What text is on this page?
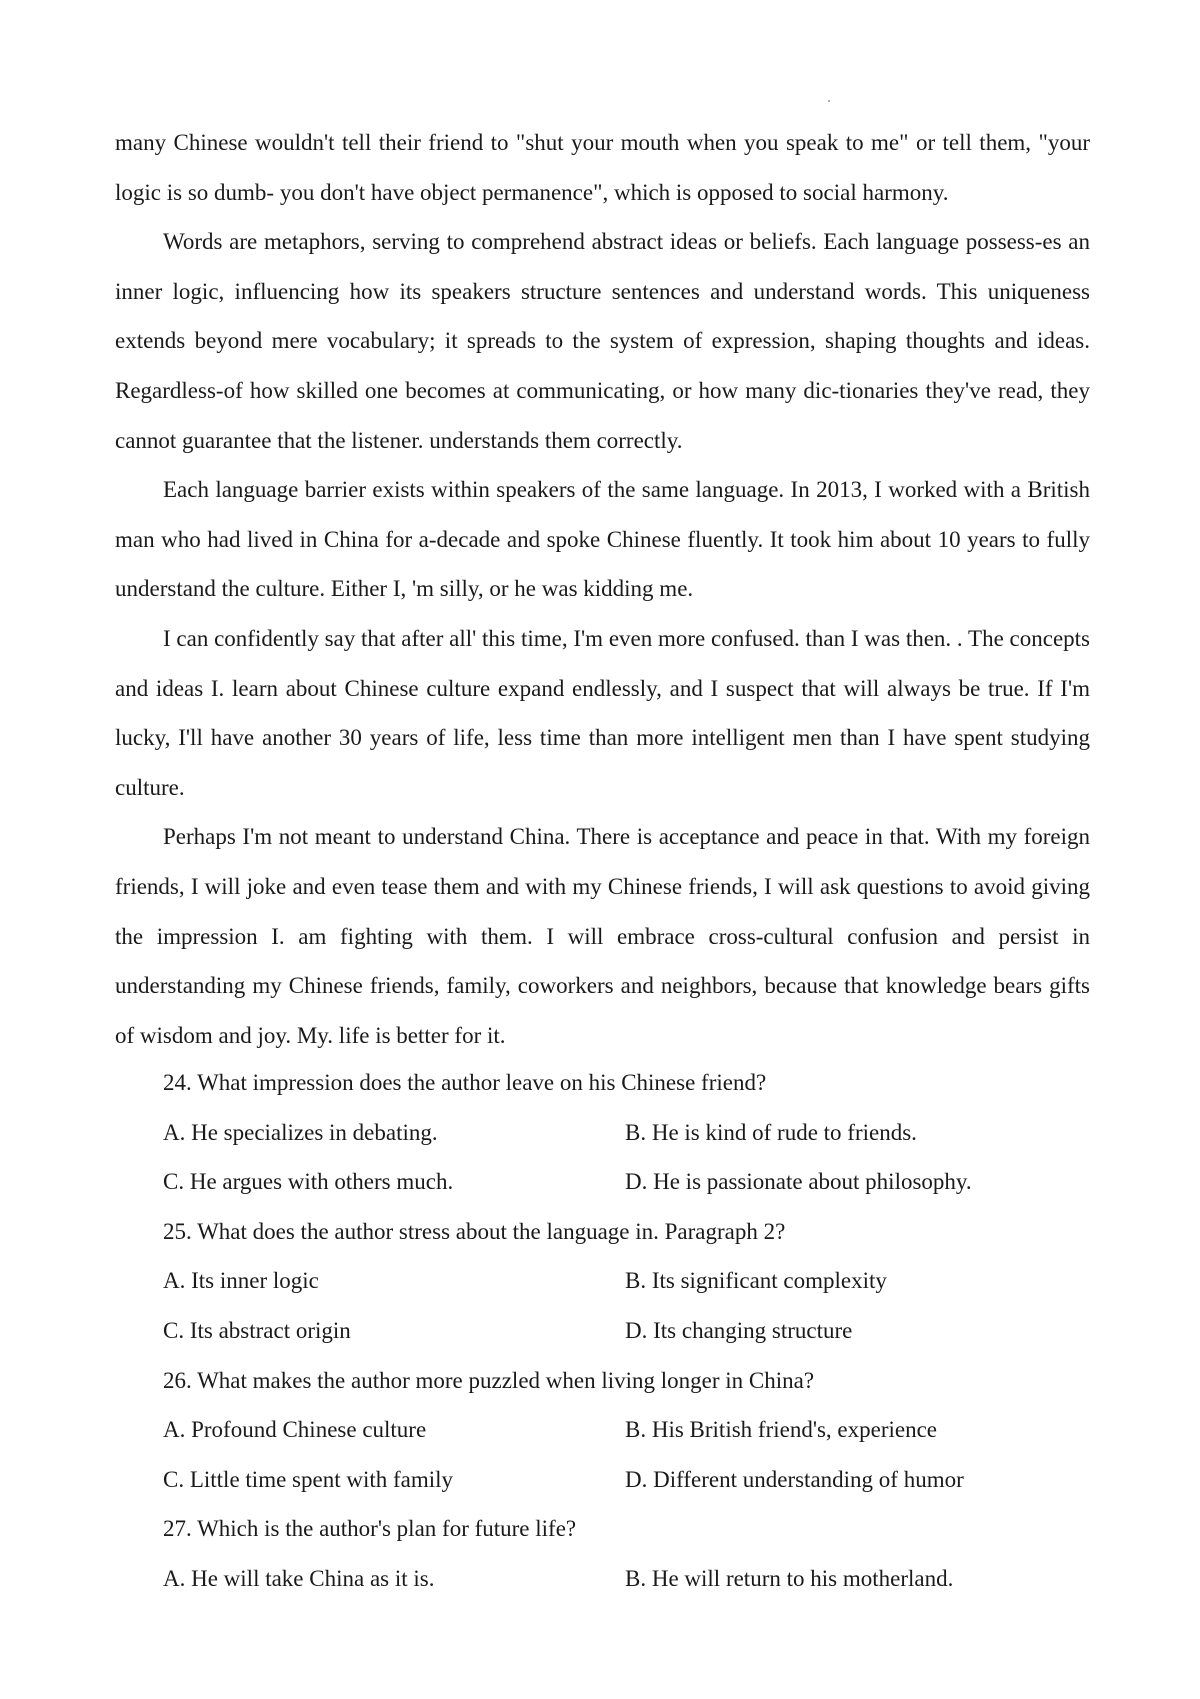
many Chinese wouldn't tell their friend to "shut your mouth when you speak to me" or tell them, "your logic is so dumb- you don't have object permanence", which is opposed to social harmony.

Words are metaphors, serving to comprehend abstract ideas or beliefs. Each language possess-es an inner logic, influencing how its speakers structure sentences and understand words. This uniqueness extends beyond mere vocabulary; it spreads to the system of expression, shaping thoughts and ideas. Regardless-of how skilled one becomes at communicating, or how many dic-tionaries they've read, they cannot guarantee that the listener. understands them correctly.

Each language barrier exists within speakers of the same language. In 2013, I worked with a British man who had lived in China for a-decade and spoke Chinese fluently. It took him about 10 years to fully understand the culture. Either I, 'm silly, or he was kidding me.

I can confidently say that after all' this time, I'm even more confused. than I was then. . The concepts and ideas I. learn about Chinese culture expand endlessly, and I suspect that will always be true. If I'm lucky, I'll have another 30 years of life, less time than more intelligent men than I have spent studying culture.

Perhaps I'm not meant to understand China. There is acceptance and peace in that. With my foreign friends, I will joke and even tease them and with my Chinese friends, I will ask questions to avoid giving the impression I. am fighting with them. I will embrace cross-cultural confusion and persist in understanding my Chinese friends, family, coworkers and neighbors, because that knowledge bears gifts of wisdom and joy. My. life is better for it.

24. What impression does the author leave on his Chinese friend?

A. He specializes in debating.	B. He is kind of rude to friends.
C. He argues with others much.	D. He is passionate about philosophy.

25. What does the author stress about the language in. Paragraph 2?

A. Its inner logic	B. Its significant complexity
C. Its abstract origin	D. Its changing structure

26. What makes the author more puzzled when living longer in China?

A. Profound Chinese culture	B. His British friend's, experience
C. Little time spent with family	D. Different understanding of humor

27. Which is the author's plan for future life?

A. He will take China as it is.	B. He will return to his motherland.
